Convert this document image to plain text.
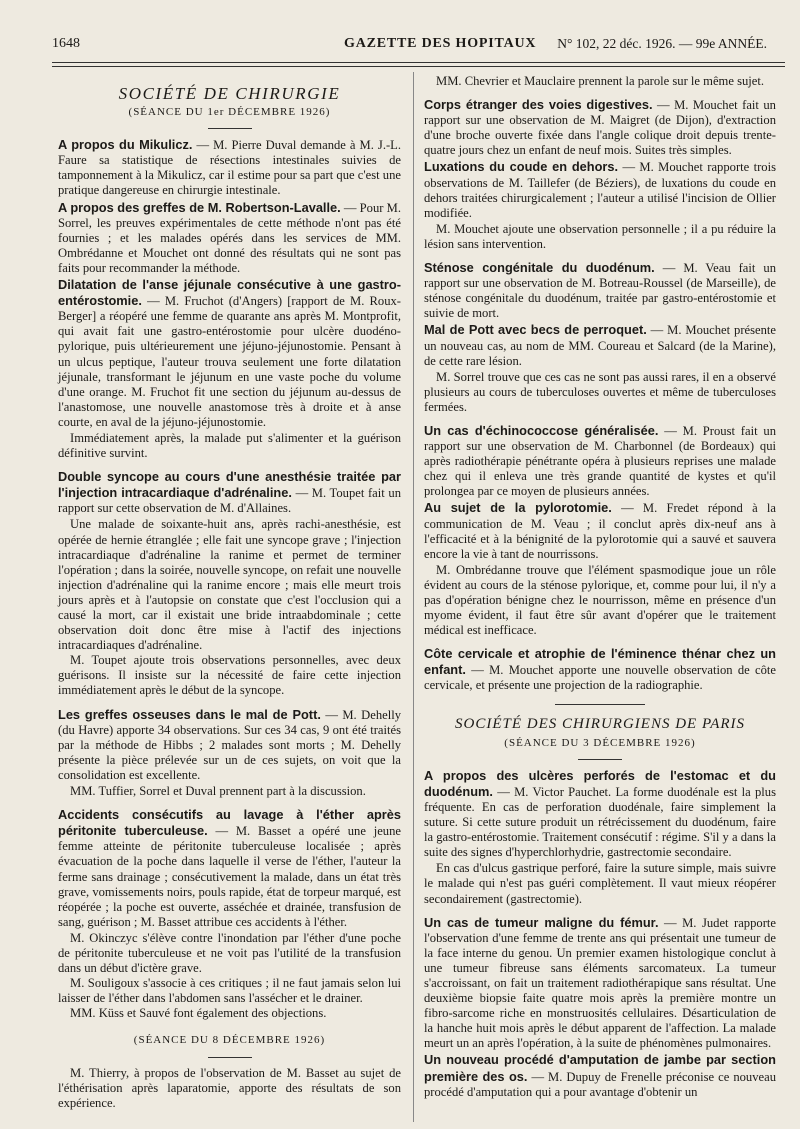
1648	GAZETTE DES HOPITAUX N° 102, 22 déc. 1926. — 99e ANNÉE.
SOCIÉTÉ DE CHIRURGIE
(SÉANCE DU 1er DÉCEMBRE 1926)

A propos du Mikulicz. — M. Pierre Duval demande à M. J.-L. Faure sa statistique de résections intestinales suivies de tamponnement à la Mikulicz, car il estime pour sa part que c'est une pratique dangereuse en chirurgie intestinale.

A propos des greffes de M. Robertson-Lavalle. — Pour M. Sorrel, les preuves expérimentales de cette méthode n'ont pas été fournies ; et les malades opérés dans les services de MM. Ombrédanne et Mouchet ont donné des résultats qui ne sont pas faits pour recommander la méthode.

Dilatation de l'anse jéjunale consécutive à une gastro-entérostomie. — M. Fruchot (d'Angers) [rapport de M. Roux-Berger] a réopéré une femme de quarante ans après M. Montprofit, qui avait fait une gastro-entérostomie pour ulcère duodéno-pylorique, puis ultérieurement une jéjuno-jéjunostomie. Pensant à un ulcus peptique, l'auteur trouva seulement une forte dilatation jéjunale, transformant le jéjunum en une vaste poche du volume d'une orange. M. Fruchot fit une section du jéjunum au-dessus de l'anastomose, une nouvelle anastomose très à droite et à anse courte, en aval de la jéjuno-jéjunostomie.

Immédiatement après, la malade put s'alimenter et la guérison définitive survint.

Double syncope au cours d'une anesthésie traitée par l'injection intracardiaque d'adrénaline. — M. Toupet fait un rapport sur cette observation de M. d'Allaines.

Une malade de soixante-huit ans, après rachi-anesthésie, est opérée de hernie étranglée ; elle fait une syncope grave ; l'injection intracardiaque d'adrénaline la ranime et permet de terminer l'opération ; dans la soirée, nouvelle syncope, on refait une nouvelle injection d'adrénaline qui la ranime encore ; mais elle meurt trois jours après et à l'autopsie on constate que c'est l'occlusion qui a causé la mort, car il existait une bride intraabdominale ; cette observation doit donc être mise à l'actif des injections intracardiaques d'adrénaline.

M. Toupet ajoute trois observations personnelles, avec deux guérisons. Il insiste sur la nécessité de faire cette injection immédiatement après le début de la syncope.

Les greffes osseuses dans le mal de Pott. — M. Dehelly (du Havre) apporte 34 observations. Sur ces 34 cas, 9 ont été traités par la méthode de Hibbs ; 2 malades sont morts ; M. Dehelly présente la pièce prélevée sur un de ces sujets, on voit que la consolidation est excellente.

MM. Tuffier, Sorrel et Duval prennent part à la discussion.

Accidents consécutifs au lavage à l'éther après péritonite tuberculeuse. — M. Basset a opéré une jeune femme atteinte de péritonite tuberculeuse localisée ; après évacuation de la poche dans laquelle il verse de l'éther, l'auteur la ferme sans drainage ; consécutivement la malade, dans un état très grave, vomissements noirs, pouls rapide, état de torpeur marqué, est réopérée ; la poche est ouverte, asséchée et drainée, transfusion de sang, guérison ; M. Basset attribue ces accidents à l'éther.

M. Okinczyc s'élève contre l'inondation par l'éther d'une poche de péritonite tuberculeuse et ne voit pas l'utilité de la transfusion dans un début d'ictère grave.

M. Souligoux s'associe à ces critiques ; il ne faut jamais selon lui laisser de l'éther dans l'abdomen sans l'assécher et le drainer.

MM. Küss et Sauvé font également des objections.

(SÉANCE DU 8 DÉCEMBRE 1926)

M. Thierry, à propos de l'observation de M. Basset au sujet de l'éthérisation après laparatomie, apporte des résultats de son expérience.

MM. Chevrier et Mauclaire prennent la parole sur le même sujet.

Corps étranger des voies digestives. — M. Mouchet fait un rapport sur une observation de M. Maigret (de Dijon), d'extraction d'une broche ouverte fixée dans l'angle colique droit depuis trente-quatre jours chez un enfant de neuf mois. Suites très simples.

Luxations du coude en dehors. — M. Mouchet rapporte trois observations de M. Taillefer (de Béziers), de luxations du coude en dehors traitées chirurgicalement ; l'auteur a utilisé l'incision de Ollier modifiée.

M. Mouchet ajoute une observation personnelle ; il a pu réduire la lésion sans intervention.

Sténose congénitale du duodénum. — M. Veau fait un rapport sur une observation de M. Botreau-Roussel (de Marseille), de sténose congénitale du duodénum, traitée par gastro-entérostomie et suivie de mort.

Mal de Pott avec becs de perroquet. — M. Mouchet présente un nouveau cas, au nom de MM. Coureau et Salcard (de la Marine), de cette rare lésion.

M. Sorrel trouve que ces cas ne sont pas aussi rares, il en a observé plusieurs au cours de tuberculoses ouvertes et même de tuberculoses fermées.

Un cas d'échinococcose généralisée. — M. Proust fait un rapport sur une observation de M. Charbonnel (de Bordeaux) qui après radiothérapie pénétrante opéra à plusieurs reprises une malade chez qui il enleva une très grande quantité de kystes et qu'il prolongea par ce moyen de plusieurs années.

Au sujet de la pylorotomie. — M. Fredet répond à la communication de M. Veau ; il conclut après dix-neuf ans à l'efficacité et à la bénignité de la pylorotomie qui a sauvé et sauvera encore la vie à tant de nourrissons.

M. Ombrédanne trouve que l'élément spasmodique joue un rôle évident au cours de la sténose pylorique, et, comme pour lui, il n'y a pas d'opération bénigne chez le nourrisson, même en présence d'un myome évident, il faut être sûr avant d'opérer que le traitement médical est inefficace.

Côte cervicale et atrophie de l'éminence thénar chez un enfant. — M. Mouchet apporte une nouvelle observation de côte cervicale, et présente une projection de la radiographie.

SOCIÉTÉ DES CHIRURGIENS DE PARIS
(SÉANCE DU 3 DÉCEMBRE 1926)

A propos des ulcères perforés de l'estomac et du duodénum. — M. Victor Pauchet. La forme duodénale est la plus fréquente. En cas de perforation duodénale, faire simplement la suture. Si cette suture produit un rétrécissement du duodénum, faire la gastro-entérostomie. Traitement consécutif : régime. S'il y a dans la suite des signes d'hyperchlorhydrie, gastrectomie secondaire.

En cas d'ulcus gastrique perforé, faire la suture simple, mais suivre le malade qui n'est pas guéri complètement. Il vaut mieux réopérer secondairement (gastrectomie).

Un cas de tumeur maligne du fémur. — M. Judet rapporte l'observation d'une femme de trente ans qui présentait une tumeur de la face interne du genou. Un premier examen histologique conclut à une tumeur fibreuse sans éléments sarcomateux. La tumeur s'accroissant, on fait un traitement radiothérapique sans résultat. Une deuxième biopsie faite quatre mois après la première montre un fibro-sarcome riche en monstruosités cellulaires. Désarticulation de la hanche huit mois après le début apparent de l'affection. La malade meurt un an après l'opération, à la suite de phénomènes pulmonaires.

Un nouveau procédé d'amputation de jambe par section première des os. — M. Dupuy de Frenelle préconise ce nouveau procédé d'amputation qui a pour avantage d'obtenir un
